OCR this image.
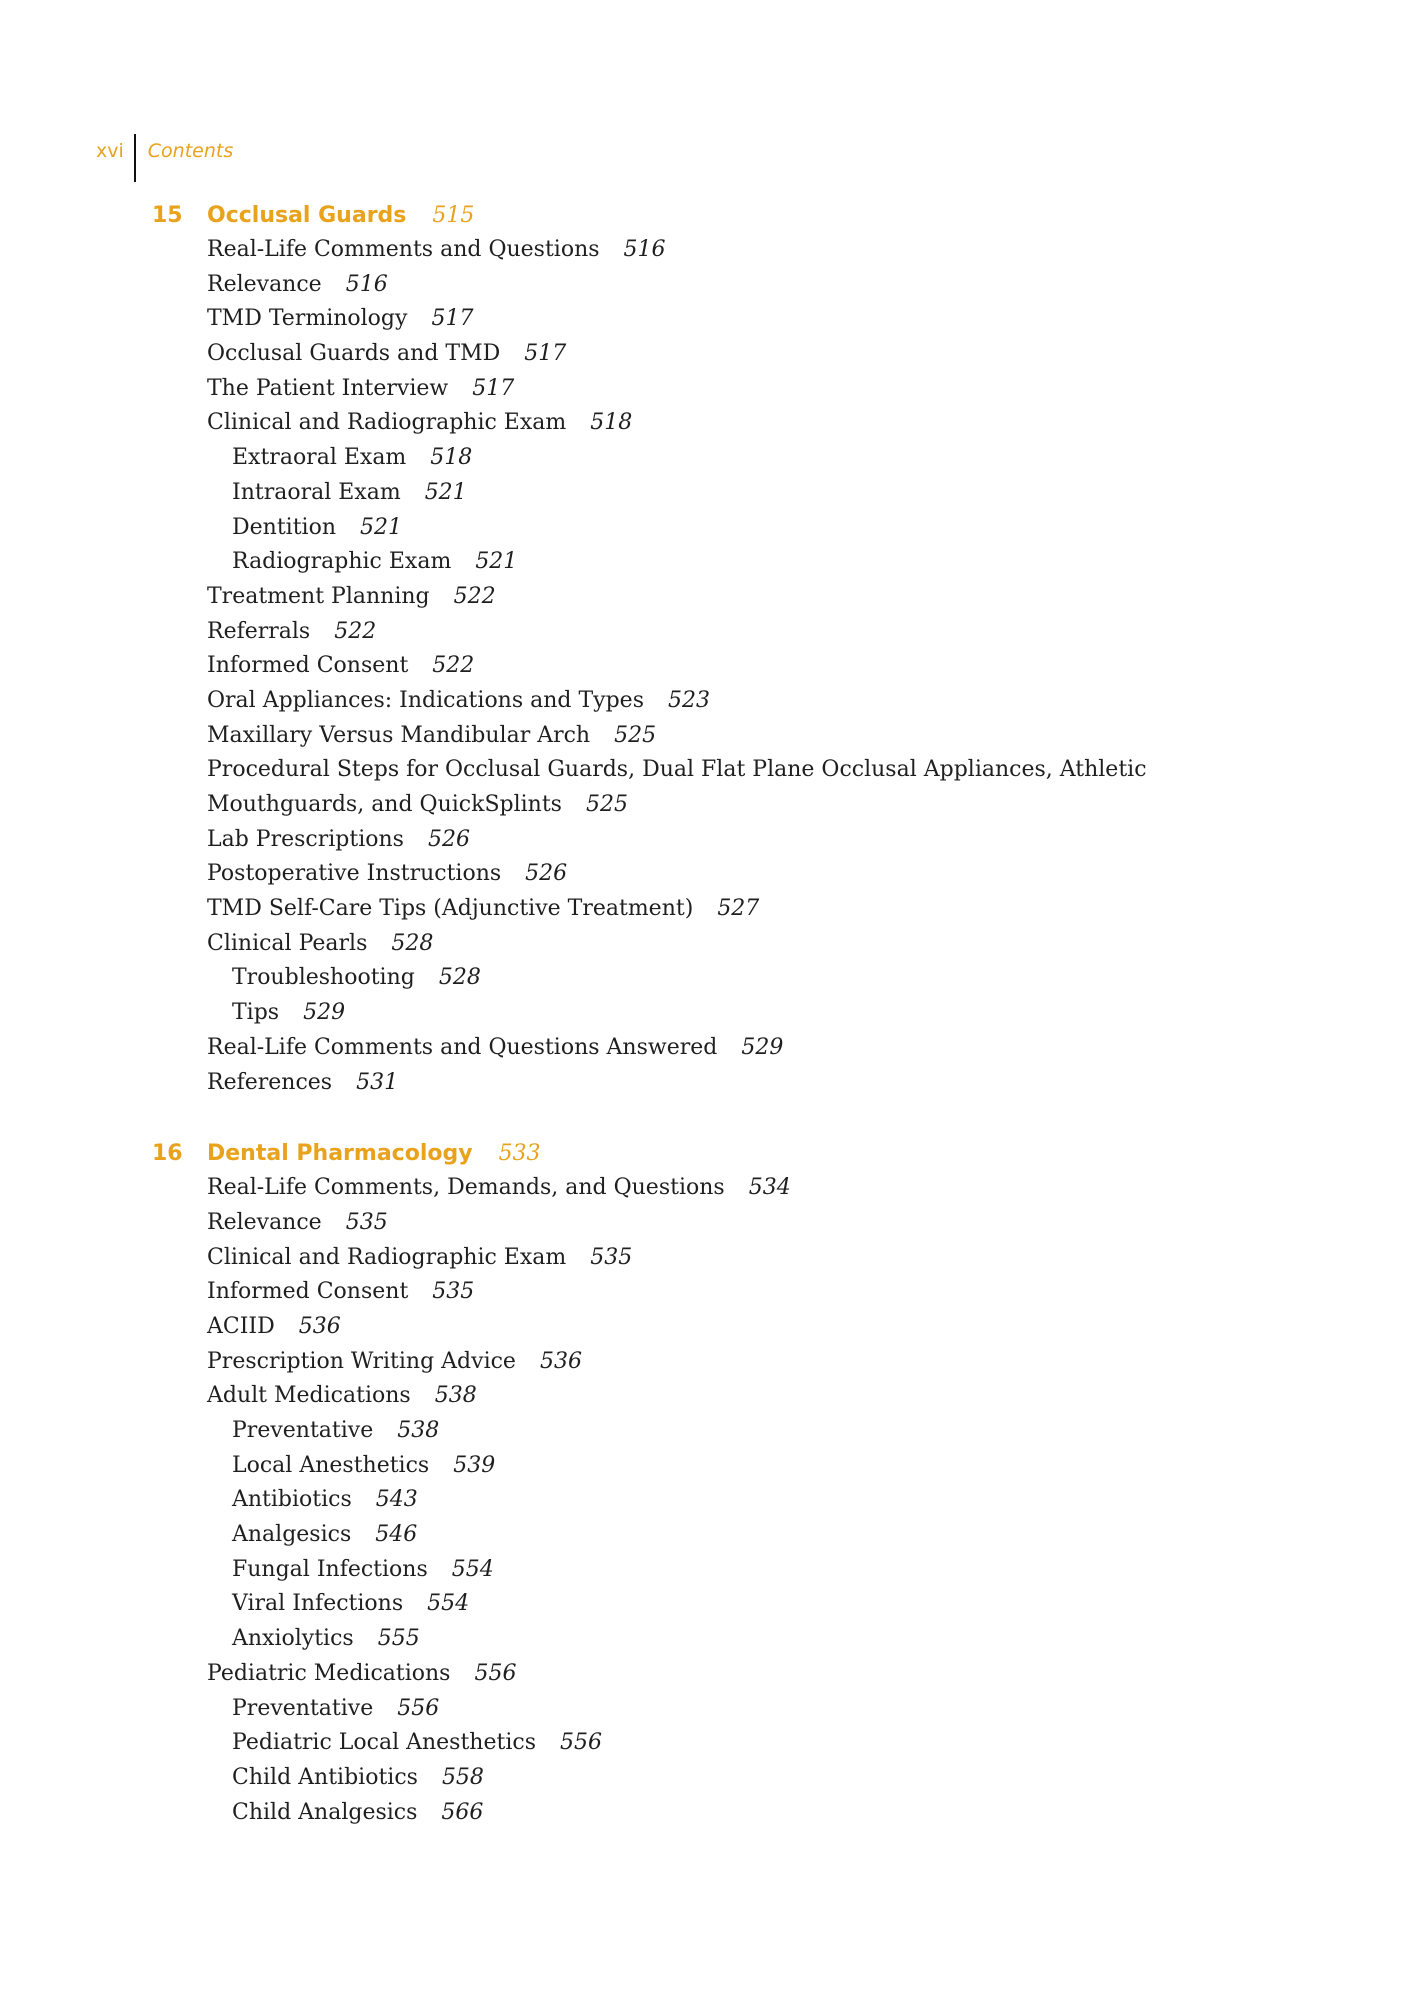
xvi	Contents
15	Occlusal Guards 515
Real-Life Comments and Questions 516
Relevance 516
TMD Terminology 517
Occlusal Guards and TMD 517
The Patient Interview 517
Clinical and Radiographic Exam 518
Extraoral Exam 518
Intraoral Exam 521
Dentition 521
Radiographic Exam 521
Treatment Planning 522
Referrals 522
Informed Consent 522
Oral Appliances: Indications and Types 523
Maxillary Versus Mandibular Arch 525
Procedural Steps for Occlusal Guards, Dual Flat Plane Occlusal Appliances, Athletic Mouthguards, and QuickSplints 525
Lab Prescriptions 526
Postoperative Instructions 526
TMD Self-Care Tips (Adjunctive Treatment) 527
Clinical Pearls 528
Troubleshooting 528
Tips 529
Real-Life Comments and Questions Answered 529
References 531
16	Dental Pharmacology 533
Real-Life Comments, Demands, and Questions 534
Relevance 535
Clinical and Radiographic Exam 535
Informed Consent 535
ACIID 536
Prescription Writing Advice 536
Adult Medications 538
Preventative 538
Local Anesthetics 539
Antibiotics 543
Analgesics 546
Fungal Infections 554
Viral Infections 554
Anxiolytics 555
Pediatric Medications 556
Preventative 556
Pediatric Local Anesthetics 556
Child Antibiotics 558
Child Analgesics 566
